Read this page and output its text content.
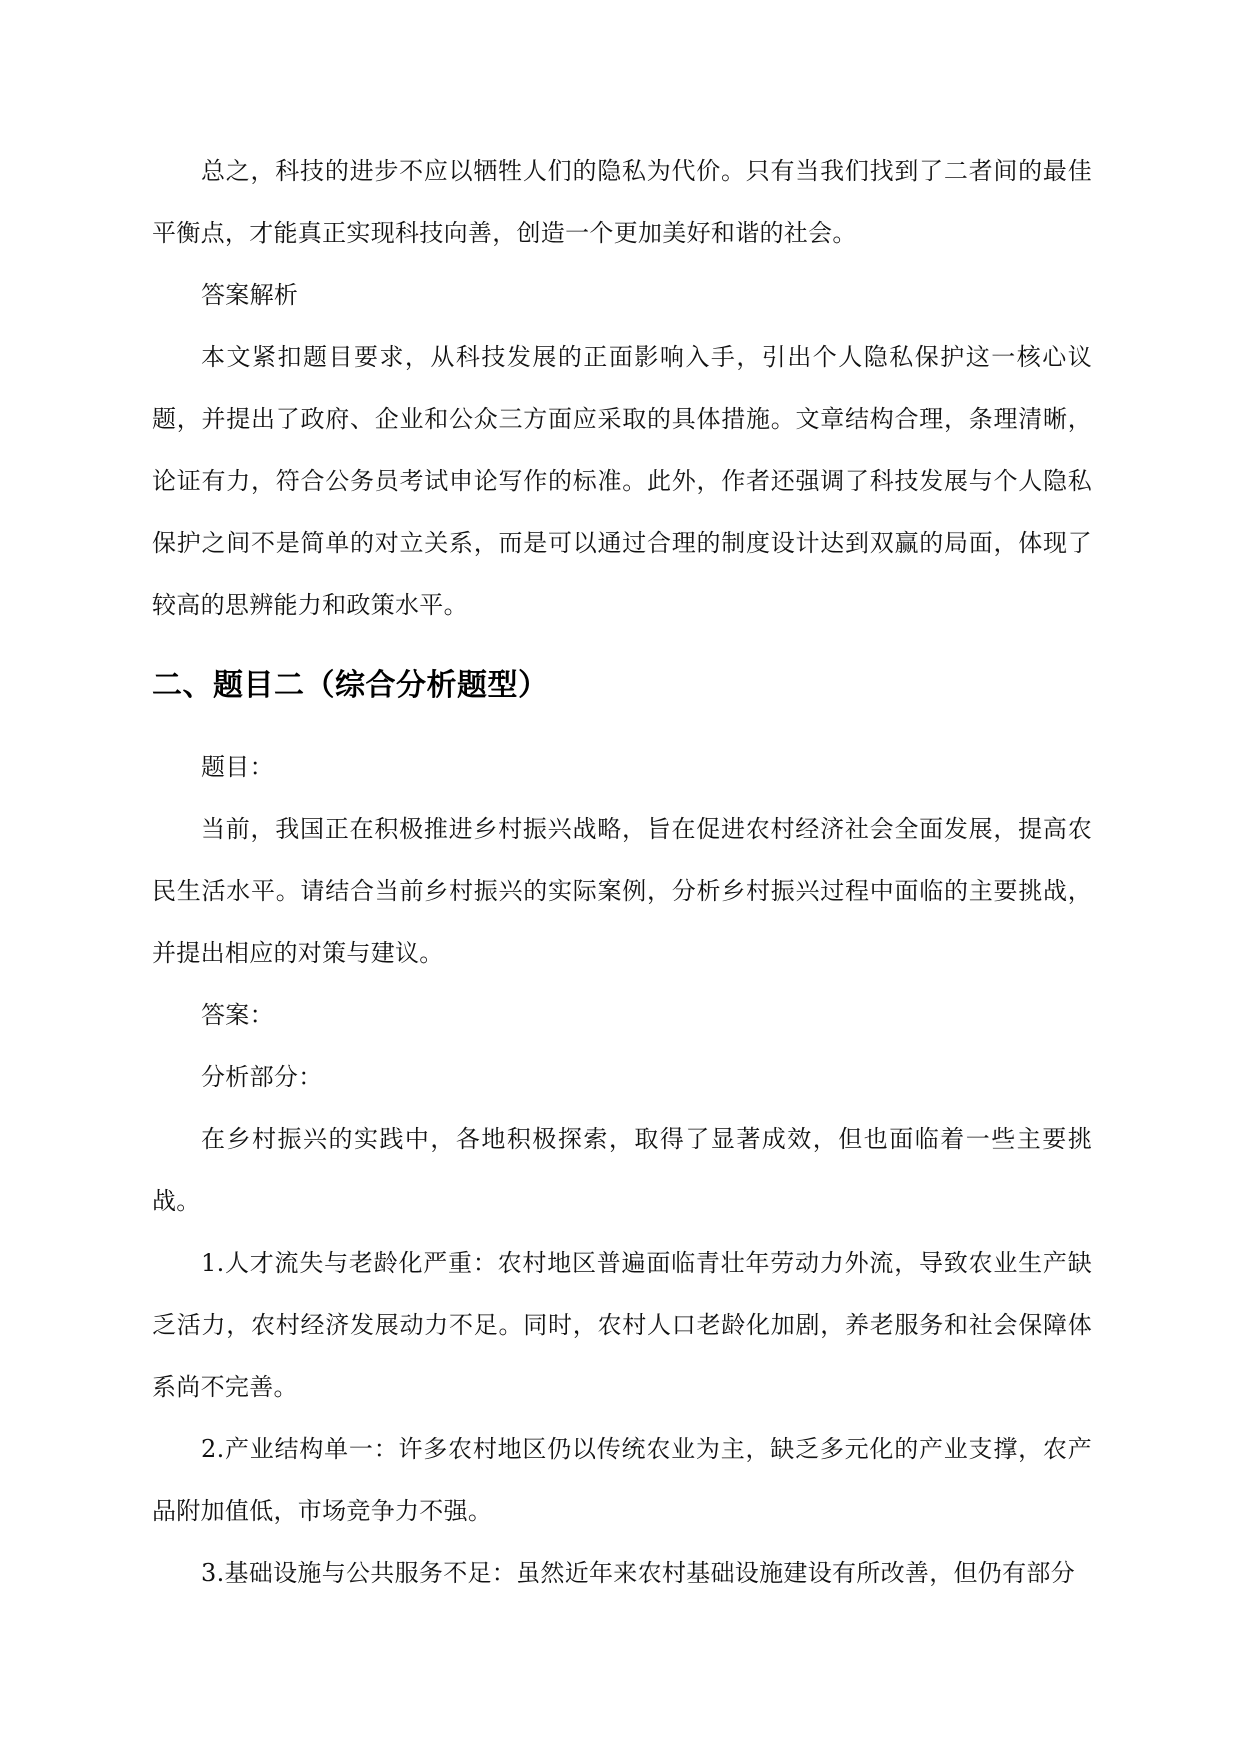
总之，科技的进步不应以牺牲人们的隐私为代价。只有当我们找到了二者间的最佳平衡点，才能真正实现科技向善，创造一个更加美好和谐的社会。

答案解析

本文紧扣题目要求，从科技发展的正面影响入手，引出个人隐私保护这一核心议题，并提出了政府、企业和公众三方面应采取的具体措施。文章结构合理，条理清晰，论证有力，符合公务员考试申论写作的标准。此外，作者还强调了科技发展与个人隐私保护之间不是简单的对立关系，而是可以通过合理的制度设计达到双赢的局面，体现了较高的思辨能力和政策水平。

二、题目二（综合分析题型）

题目：

当前，我国正在积极推进乡村振兴战略，旨在促进农村经济社会全面发展，提高农民生活水平。请结合当前乡村振兴的实际案例，分析乡村振兴过程中面临的主要挑战，并提出相应的对策与建议。

答案：

分析部分：

在乡村振兴的实践中，各地积极探索，取得了显著成效，但也面临着一些主要挑战。

1.人才流失与老龄化严重：农村地区普遍面临青壮年劳动力外流，导致农业生产缺乏活力，农村经济发展动力不足。同时，农村人口老龄化加剧，养老服务和社会保障体系尚不完善。

2.产业结构单一：许多农村地区仍以传统农业为主，缺乏多元化的产业支撑，农产品附加值低，市场竞争力不强。

3.基础设施与公共服务不足：虽然近年来农村基础设施建设有所改善，但仍有部分
